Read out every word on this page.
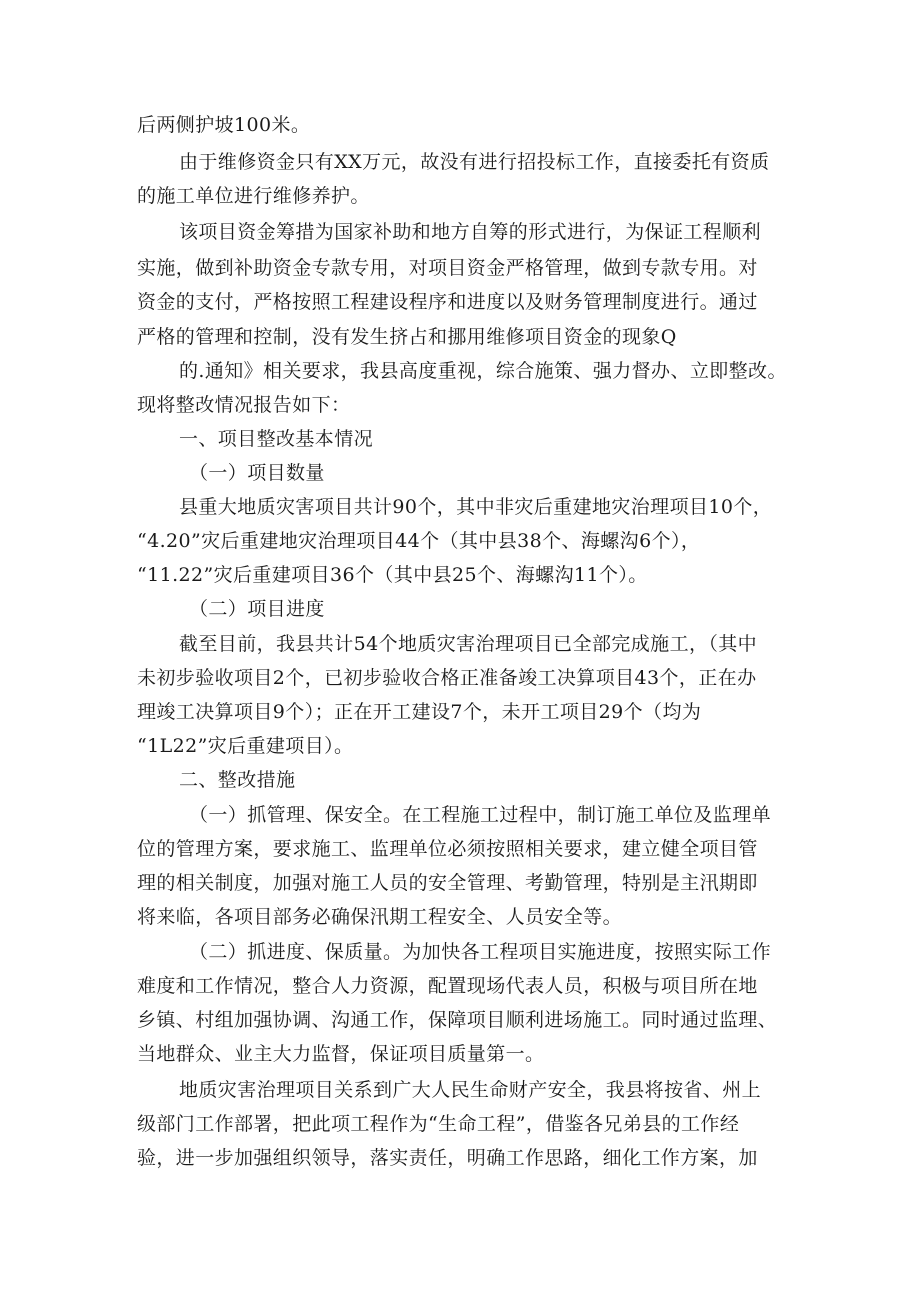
后两侧护坡100米。
由于维修资金只有XX万元，故没有进行招投标工作，直接委托有资质
的施工单位进行维修养护。
该项目资金筹措为国家补助和地方自筹的形式进行，为保证工程顺利
实施，做到补助资金专款专用，对项目资金严格管理，做到专款专用。对
资金的支付，严格按照工程建设程序和进度以及财务管理制度进行。通过
严格的管理和控制，没有发生挤占和挪用维修项目资金的现象Q
的.通知》相关要求，我县高度重视，综合施策、强力督办、立即整改。
现将整改情况报告如下：
一、项目整改基本情况
（一）项目数量
县重大地质灾害项目共计90个，其中非灾后重建地灾治理项目10个，
“4.20”灾后重建地灾治理项目44个（其中县38个、海螺沟6个），
“11.22”灾后重建项目36个（其中县25个、海螺沟11个）。
（二）项目进度
截至目前，我县共计54个地质灾害治理项目已全部完成施工，（其中
未初步验收项目2个，已初步验收合格正准备竣工决算项目43个，正在办
理竣工决算项目9个）；正在开工建设7个，未开工项目29个（均为
“1L22”灾后重建项目）。
二、整改措施
（一）抓管理、保安全。在工程施工过程中，制订施工单位及监理单
位的管理方案，要求施工、监理单位必须按照相关要求，建立健全项目管
理的相关制度，加强对施工人员的安全管理、考勤管理，特别是主汛期即
将来临，各项目部务必确保汛期工程安全、人员安全等。
（二）抓进度、保质量。为加快各工程项目实施进度，按照实际工作
难度和工作情况，整合人力资源，配置现场代表人员，积极与项目所在地
乡镇、村组加强协调、沟通工作，保障项目顺利进场施工。同时通过监理、
当地群众、业主大力监督，保证项目质量第一。
地质灾害治理项目关系到广大人民生命财产安全，我县将按省、州上
级部门工作部署，把此项工程作为“生命工程”，借鉴各兄弟县的工作经
验，进一步加强组织领导，落实责任，明确工作思路，细化工作方案，加
